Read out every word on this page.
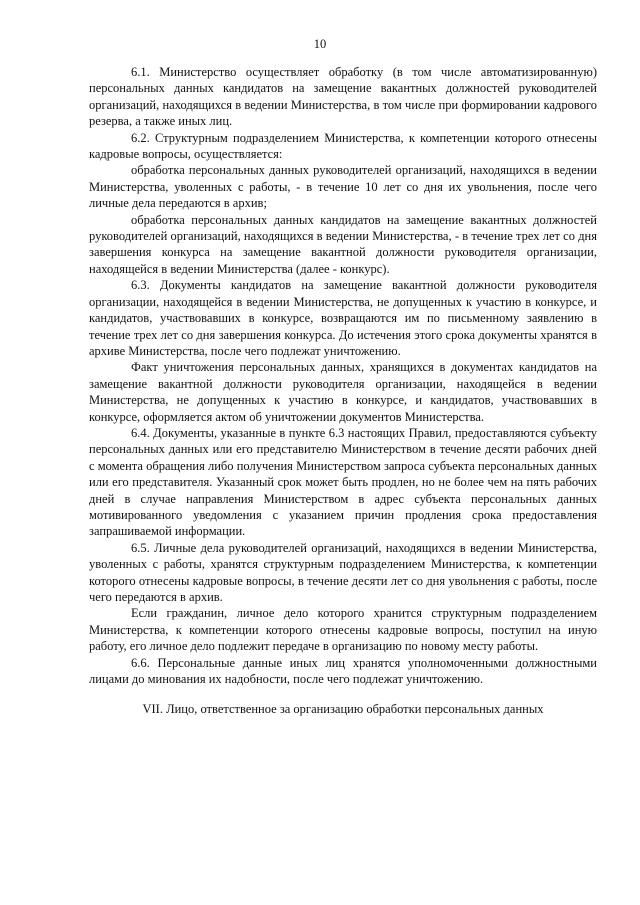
10

6.1. Министерство осуществляет обработку (в том числе автоматизированную) персональных данных кандидатов на замещение вакантных должностей руководителей организаций, находящихся в ведении Министерства, в том числе при формировании кадрового резерва, а также иных лиц.

6.2. Структурным подразделением Министерства, к компетенции которого отнесены кадровые вопросы, осуществляется:

обработка персональных данных руководителей организаций, находящихся в ведении Министерства, уволенных с работы, - в течение 10 лет со дня их увольнения, после чего личные дела передаются в архив;

обработка персональных данных кандидатов на замещение вакантных должностей руководителей организаций, находящихся в ведении Министерства, - в течение трех лет со дня завершения конкурса на замещение вакантной должности руководителя организации, находящейся в ведении Министерства (далее - конкурс).

6.3. Документы кандидатов на замещение вакантной должности руководителя организации, находящейся в ведении Министерства, не допущенных к участию в конкурсе, и кандидатов, участвовавших в конкурсе, возвращаются им по письменному заявлению в течение трех лет со дня завершения конкурса. До истечения этого срока документы хранятся в архиве Министерства, после чего подлежат уничтожению.

Факт уничтожения персональных данных, хранящихся в документах кандидатов на замещение вакантной должности руководителя организации, находящейся в ведении Министерства, не допущенных к участию в конкурсе, и кандидатов, участвовавших в конкурсе, оформляется актом об уничтожении документов Министерства.

6.4. Документы, указанные в пункте 6.3 настоящих Правил, предоставляются субъекту персональных данных или его представителю Министерством в течение десяти рабочих дней с момента обращения либо получения Министерством запроса субъекта персональных данных или его представителя. Указанный срок может быть продлен, но не более чем на пять рабочих дней в случае направления Министерством в адрес субъекта персональных данных мотивированного уведомления с указанием причин продления срока предоставления запрашиваемой информации.

6.5. Личные дела руководителей организаций, находящихся в ведении Министерства, уволенных с работы, хранятся структурным подразделением Министерства, к компетенции которого отнесены кадровые вопросы, в течение десяти лет со дня увольнения с работы, после чего передаются в архив.

Если гражданин, личное дело которого хранится структурным подразделением Министерства, к компетенции которого отнесены кадровые вопросы, поступил на иную работу, его личное дело подлежит передаче в организацию по новому месту работы.

6.6. Персональные данные иных лиц хранятся уполномоченными должностными лицами до минования их надобности, после чего подлежат уничтожению.

VII. Лицо, ответственное за организацию обработки персональных данных
